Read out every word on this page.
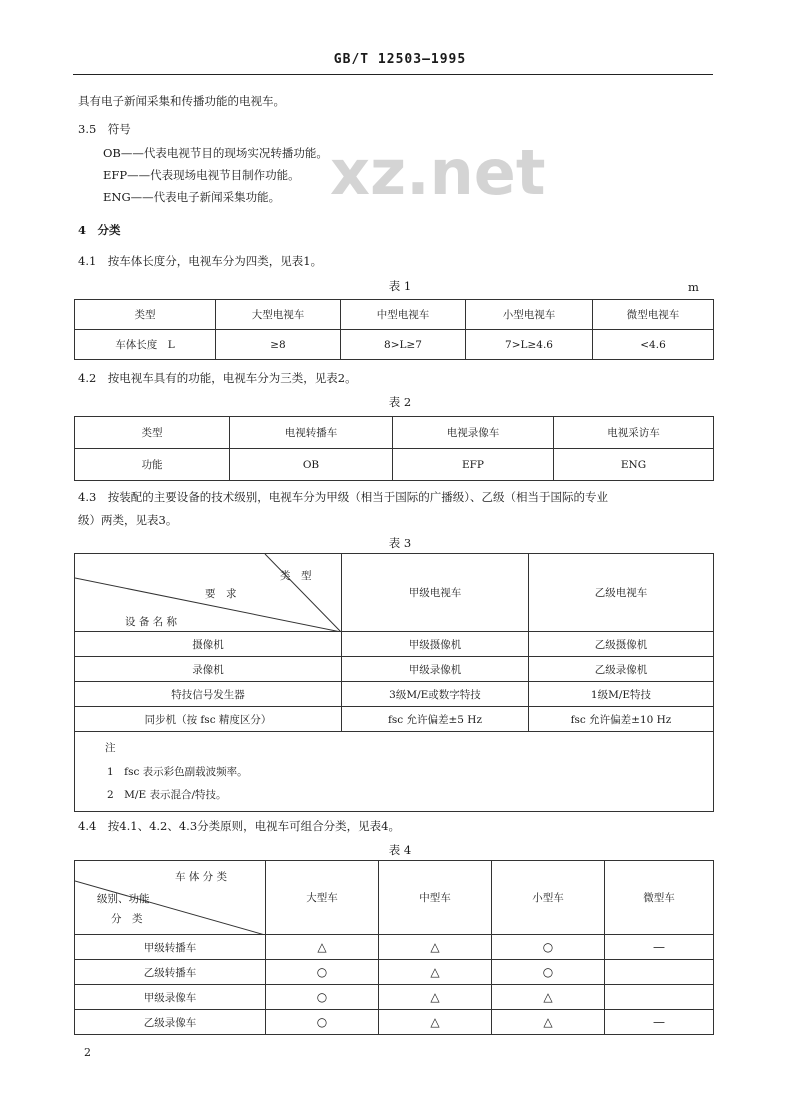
GB/T 12503—1995
xz.net
具有电子新闻采集和传播功能的电视车。
3.5　符号
OB——代表电视节目的现场实况转播功能。
EFP——代表现场电视节目制作功能。
ENG——代表电子新闻采集功能。
4　分类
4.1　按车体长度分，电视车分为四类，见表1。
表 1	m
类型	大型电视车	中型电视车	小型电视车	微型电视车
车体长度　L	≥8	8>L≥7	7>L≥4.6	<4.6
4.2　按电视车具有的功能，电视车分为三类，见表2。
表 2
类型	电视转播车	电视录像车	电视采访车
功能	OB	EFP	ENG
4.3　按装配的主要设备的技术级别，电视车分为甲级（相当于国际的广播级）、乙级（相当于国际的专业
级）两类，见表3。
表 3
类　型
要　求
设 备 名 称	甲级电视车	乙级电视车
摄像机	甲级摄像机	乙级摄像机
录像机	甲级录像机	乙级录像机
特技信号发生器	3级M/E或数字特技	1级M/E特技
同步机（按 fsc 精度区分）	fsc 允许偏差±5 Hz	fsc 允许偏差±10 Hz

注
1　fsc 表示彩色副载波频率。
2　M/E 表示混合/特技。		
4.4　按4.1、4.2、4.3分类原则，电视车可组合分类，见表4。
表 4
车 体 分 类
级别、功能
分　类	大型车	中型车	小型车	微型车
甲级转播车	△	△	○	—
乙级转播车	○	△	○	
甲级录像车	○	△	△	
乙级录像车	○	△	△	—
2
